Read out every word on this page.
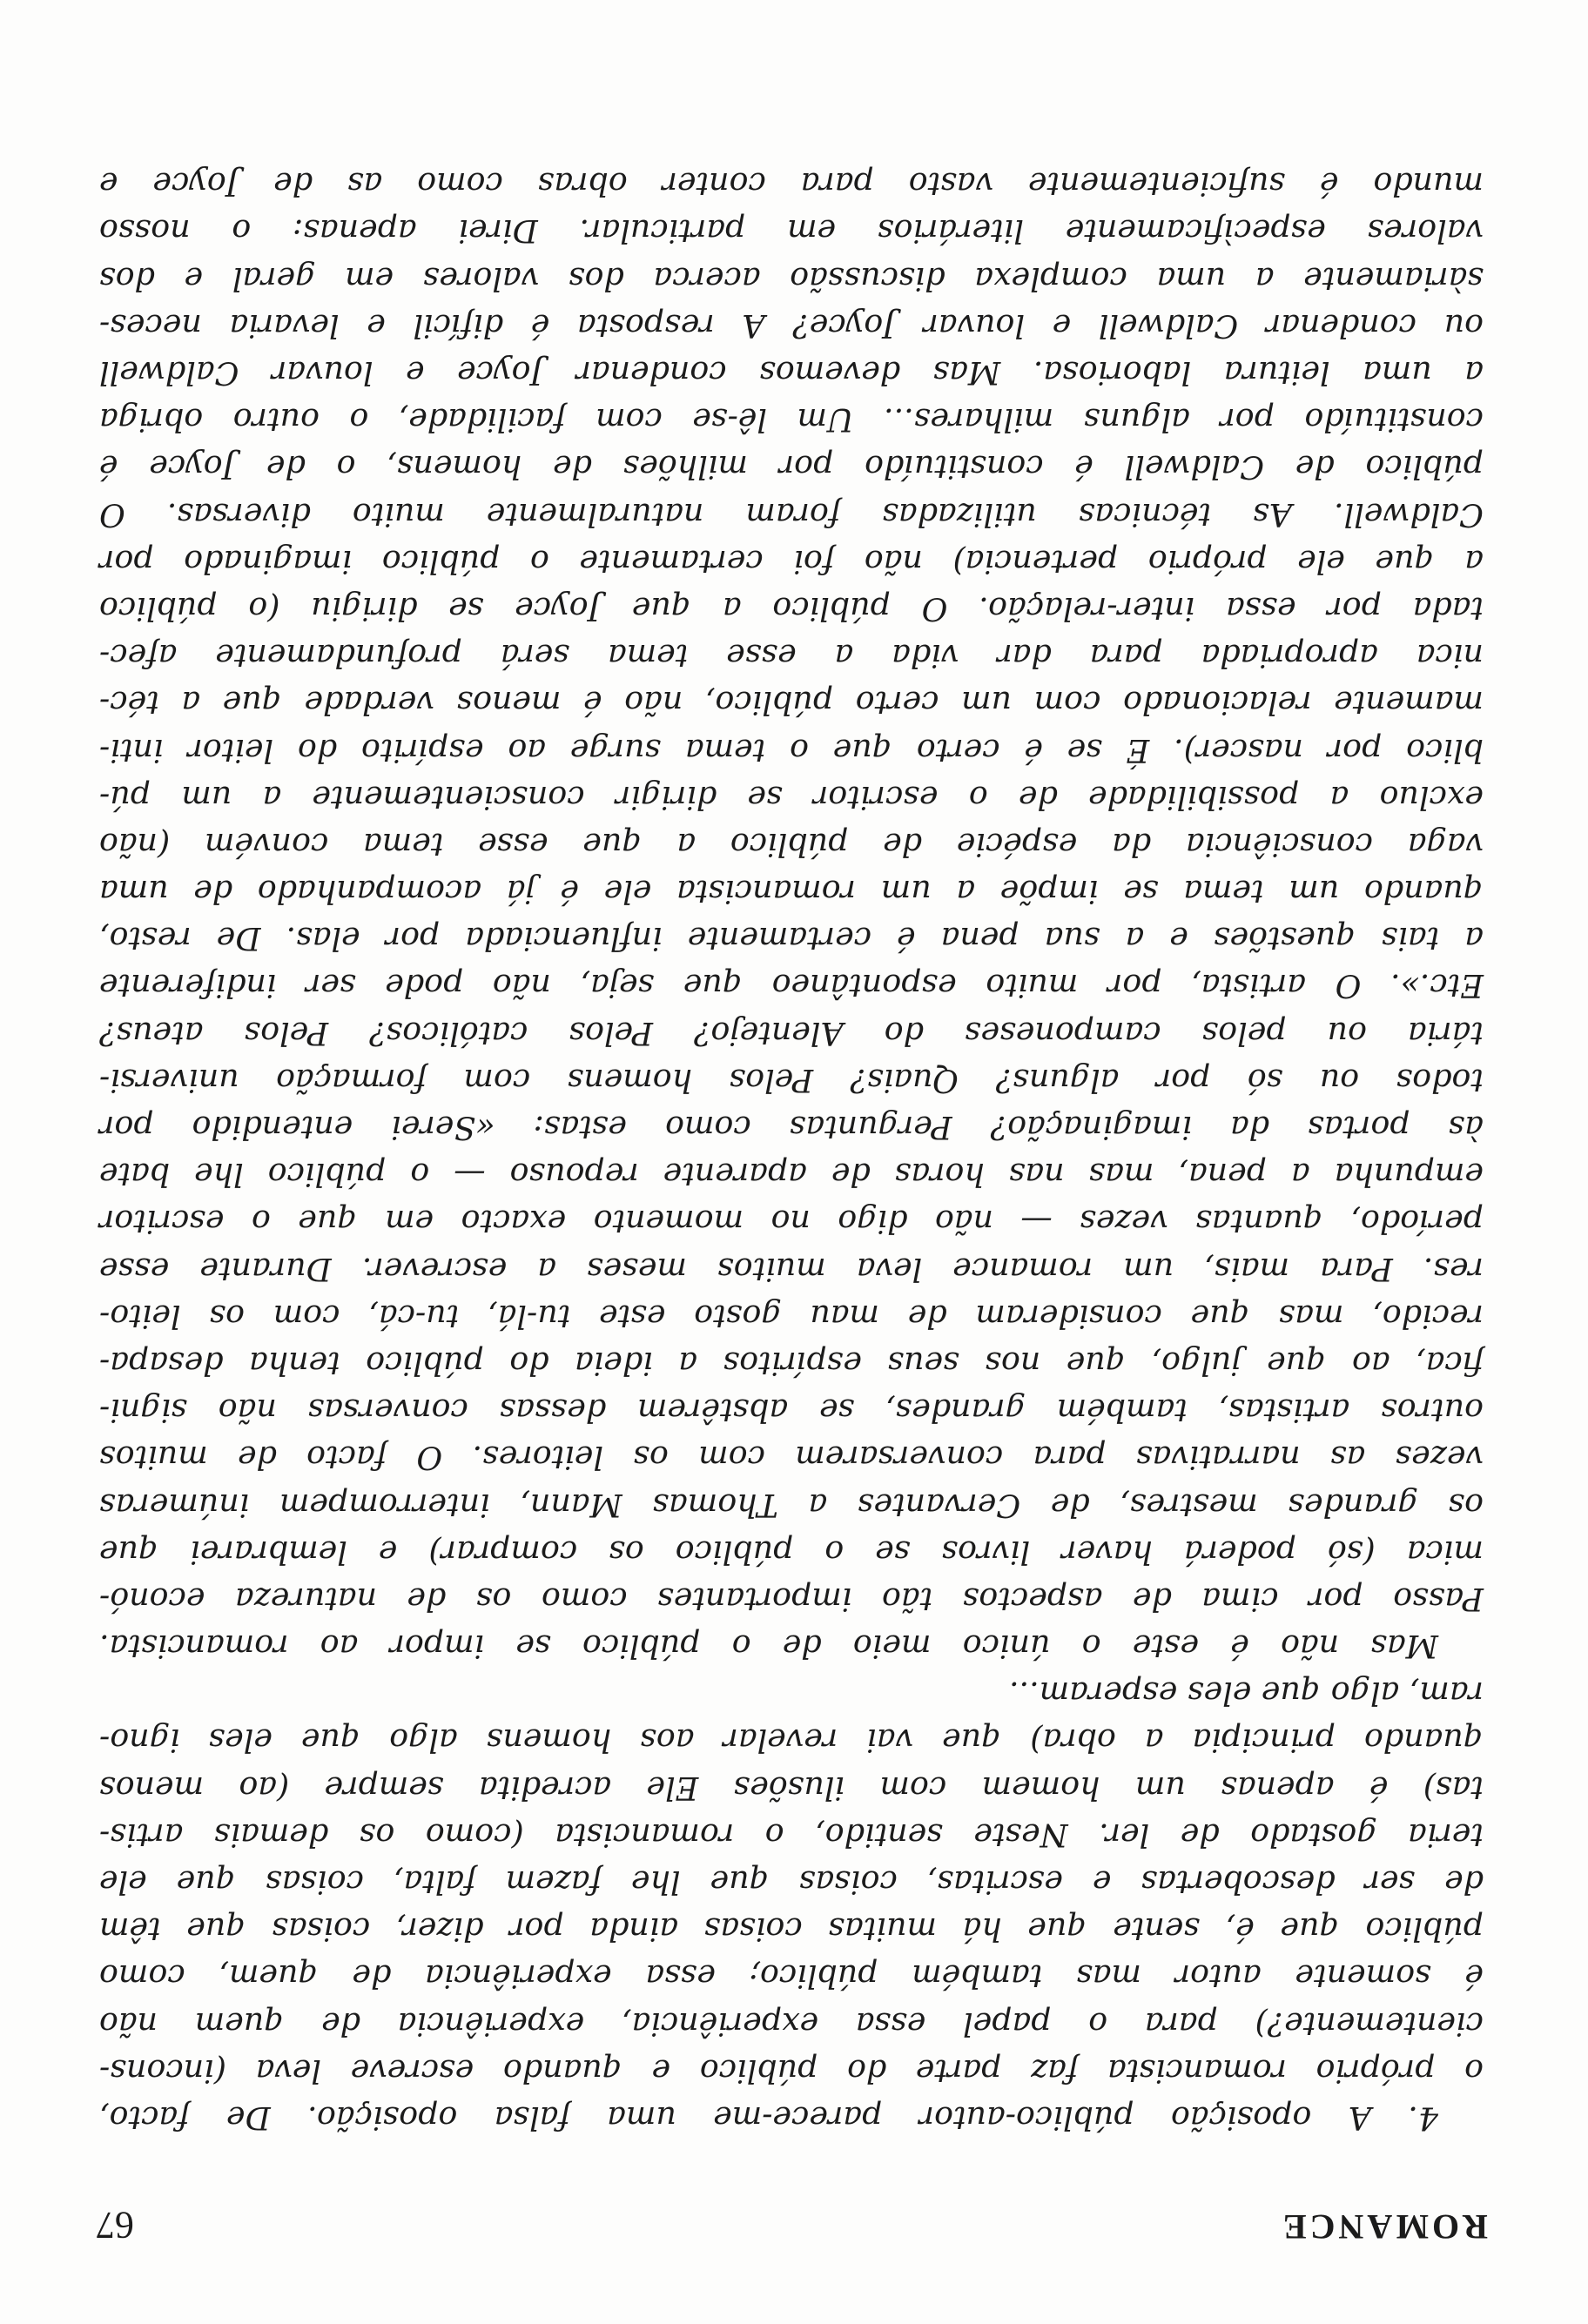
ROMANCE
67
4. A oposição público-autor parece-me uma falsa oposição. De facto,
o próprio romancista faz parte do público e quando escreve leva (incons-
cientemente?) para o papel essa experiência, experiência de quem não
é somente autor mas também público; essa experiência de quem, como
público que é, sente que há muitas coisas ainda por dizer, coisas que têm
de ser descobertas e escritas, coisas que lhe fazem falta, coisas que ele
teria gostado de ler. Neste sentido, o romancista (como os demais artis-
tas) é apenas um homem com ilusões Ele acredita sempre (ao menos
quando principia a obra) que vai revelar aos homens algo que eles igno-
ram, algo que eles esperam...
Mas não é este o único meio de o público se impor ao romancista.
Passo por cima de aspectos tão importantes como os de natureza econó-
mica (só poderá haver livros se o público os comprar) e lembrarei que
os grandes mestres, de Cervantes a Thomas Mann, interrompem inúmeras
vezes as narrativas para conversarem com os leitores. O facto de muitos
outros artistas, também grandes, se abstêrem dessas conversas não signi-
fica, ao que julgo, que nos seus espíritos a ideia do público tenha desapa-
recido, mas que consideram de mau gosto este tu-lá, tu-cá, com os leito-
res. Para mais, um romance leva muitos meses a escrever. Durante esse
período, quantas vezes — não digo no momento exacto em que o escritor
empunha a pena, mas nas horas de aparente repouso — o público lhe bate
às portas da imaginação? Perguntas como estas: «Serei entendido por
todos ou só por alguns? Quais? Pelos homens com formação universi-
tária ou pelos camponeses do Alentejo? Pelos católicos? Pelos ateus?
Etc.». O artista, por muito espontâneo que seja, não pode ser indiferente
a tais questões e a sua pena é certamente influenciada por elas. De resto,
quando um tema se impõe a um romancista ele é já acompanhado de uma
vaga consciência da espécie de público a que esse tema convém (não
excluo a possibilidade de o escritor se dirigir conscientemente a um pú-
blico por nascer). É se é certo que o tema surge ao espírito do leitor inti-
mamente relacionado com um certo público, não é menos verdade que a téc-
nica apropriada para dar vida a esse tema será profundamente afec-
tada por essa inter-relação. O público a que Joyce se dirigiu (o público
a que ele próprio pertencia) não foi certamente o público imaginado por
Caldwell. As técnicas utilizadas foram naturalmente muito diversas. O
público de Caldwell é constituído por milhões de homens, o de Joyce é
constituído por alguns milhares... Um lê-se com facilidade, o outro obriga
a uma leitura laboriosa. Mas devemos condenar Joyce e louvar Caldwell
ou condenar Caldwell e louvar Joyce? A resposta é difícil e levaria neces-
sàriamente a uma complexa discussão acerca dos valores em geral e dos
valores especìficamente literários em particular. Direi apenas: o nosso
mundo é suficientemente vasto para conter obras como as de Joyce e
